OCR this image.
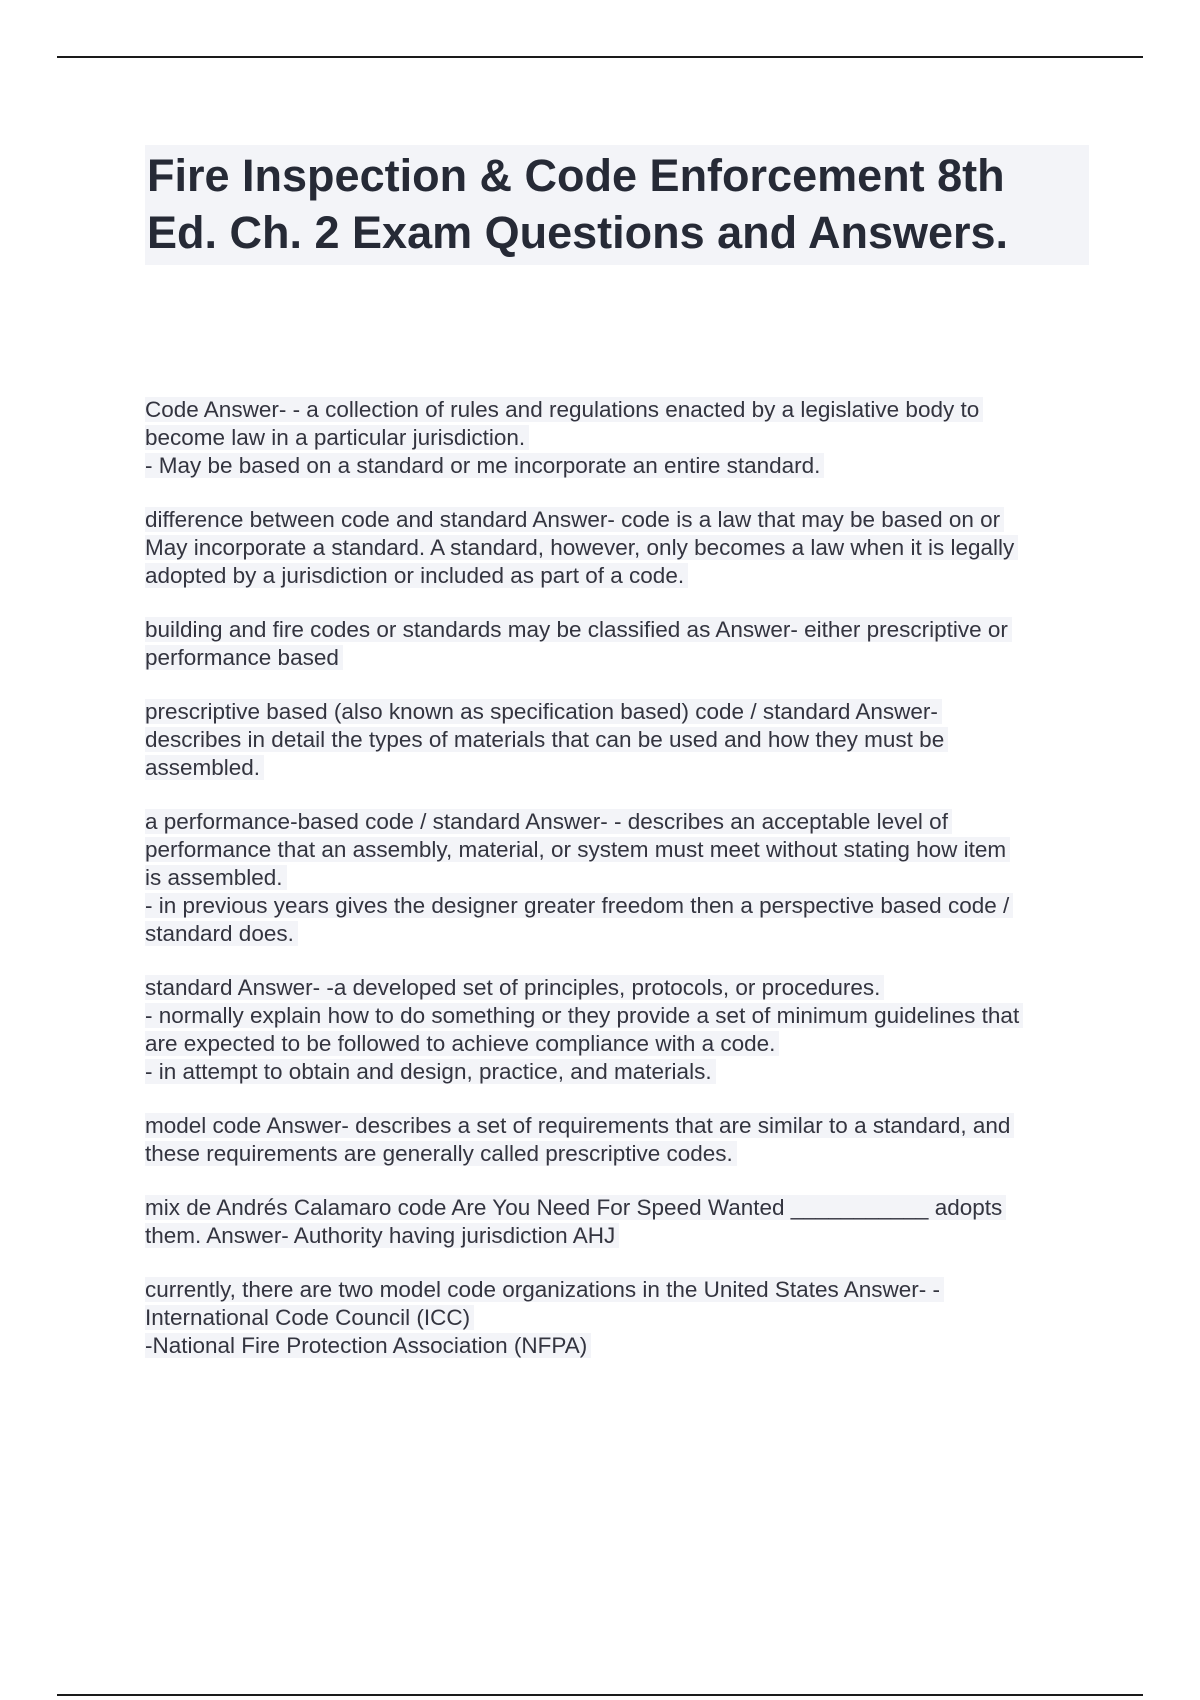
Fire Inspection & Code Enforcement 8th
Ed. Ch. 2 Exam Questions and Answers.
Code Answer- - a collection of rules and regulations enacted by a legislative body to
become law in a particular jurisdiction.
- May be based on a standard or me incorporate an entire standard.
difference between code and standard Answer- code is a law that may be based on or
May incorporate a standard. A standard, however, only becomes a law when it is legally
adopted by a jurisdiction or included as part of a code.
building and fire codes or standards may be classified as Answer- either prescriptive or
performance based
prescriptive based (also known as specification based) code / standard Answer-
describes in detail the types of materials that can be used and how they must be
assembled.
a performance-based code / standard Answer- - describes an acceptable level of
performance that an assembly, material, or system must meet without stating how item
is assembled.
- in previous years gives the designer greater freedom then a perspective based code /
standard does.
standard Answer- -a developed set of principles, protocols, or procedures.
- normally explain how to do something or they provide a set of minimum guidelines that
are expected to be followed to achieve compliance with a code.
- in attempt to obtain and design, practice, and materials.
model code Answer- describes a set of requirements that are similar to a standard, and
these requirements are generally called prescriptive codes.
mix de Andrés Calamaro code Are You Need For Speed Wanted ___________ adopts
them. Answer- Authority having jurisdiction AHJ
currently, there are two model code organizations in the United States Answer- -
International Code Council (ICC)
-National Fire Protection Association (NFPA)
